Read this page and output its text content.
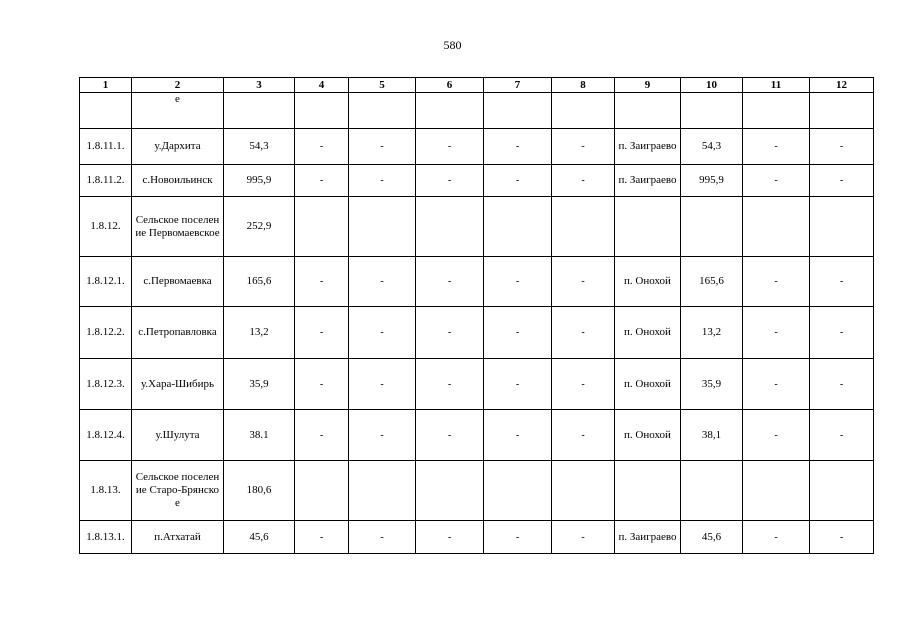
580
1	2	3	4	5	6	7	8	9	10	11	12
	е										
1.8.11.1.	у.Дархита	54,3	-	-	-	-	-	п. Заиграево	54,3	-	-
1.8.11.2.	с.Новоильинск	995,9	-	-	-	-	-	п. Заиграево	995,9	-	-
1.8.12.	Сельское поселение Первомаевское	252,9									
1.8.12.1.	с.Первомаевка	165,6	-	-	-	-	-	п. Онохой	165,6	-	-
1.8.12.2.	с.Петропавловка	13,2	-	-	-	-	-	п. Онохой	13,2	-	-
1.8.12.3.	у.Хара-Шибирь	35,9	-	-	-	-	-	п. Онохой	35,9	-	-
1.8.12.4.	у.Шулута	38.1	-	-	-	-	-	п. Онохой	38,1	-	-
1.8.13.	Сельское поселение Старо-Брянское	180,6									
1.8.13.1.	п.Атхатай	45,6	-	-	-	-	-	п. Заиграево	45,6	-	-
